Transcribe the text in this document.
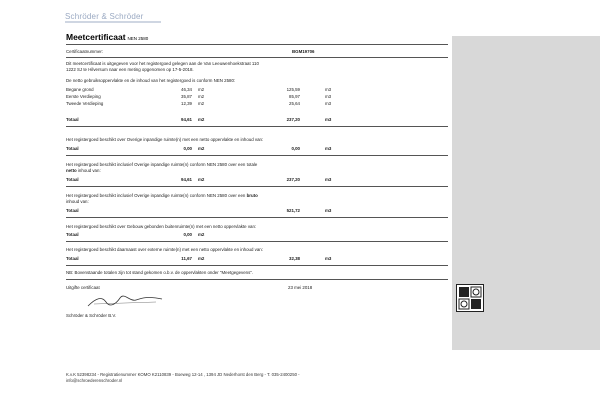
Schröder & Schröder
Meetcertificaat NEN 2580
Certificaatnummer:	BGM19706
Dit meetcertificaat is uitgegeven voor het registergoed gelegen aan de Van Leeuwenhoekstraat 110
1222 SJ te Hilversum naar een meting opgenomen op 17-5-2018.
De netto gebruiksoppervlakte en de inhoud van het registergoed is conform NEN 2580:
Begane grond	46,34 m2	125,59	m3
Eerste Verdieping	35,87 m2	85,97	m3
Tweede Verdieping	12,39 m2	25,64	m3
Totaal	94,61 m2	237,20	m3
Het registergoed beschikt over Overige inpandige ruimte(n) met een netto oppervlakte en inhoud van:
Totaal	0,00 m2	0,00	m3
Het registergoed beschikt inclusief Overige inpandige ruimte(n) conform NEN 2580 over een totale
netto inhoud van:
Totaal	94,61 m2	237,20	m3
Het registergoed beschikt inclusief Overige inpandige ruimte(n) conform NEN 2580 over een bruto
inhoud van:
Totaal	521,72	m3
Het registergoed beschikt over Gebouw gebonden buitenruimte(n) met een netto oppervlakte van:
Totaal	0,00 m2
Het registergoed beschikt daarnaast over externe ruimte(n) met een netto oppervlakte en inhoud van:
Totaal	11,67 m2	32,38	m3
NB: Bovenstaande totalen zijn tot stand gekomen o.b.v. de oppervlakten onder "Meetgegevens".
Uitgifte certificaat	23 mei 2018
Schröder & Schröder B.V.
K.v.K 52398234 - Registratienummer KOMO K2110839 - Boeweg 12-14 , 1394 JD Nederhorst den Berg - T. 035-2400250 -
info@schroederenschroder.nl
